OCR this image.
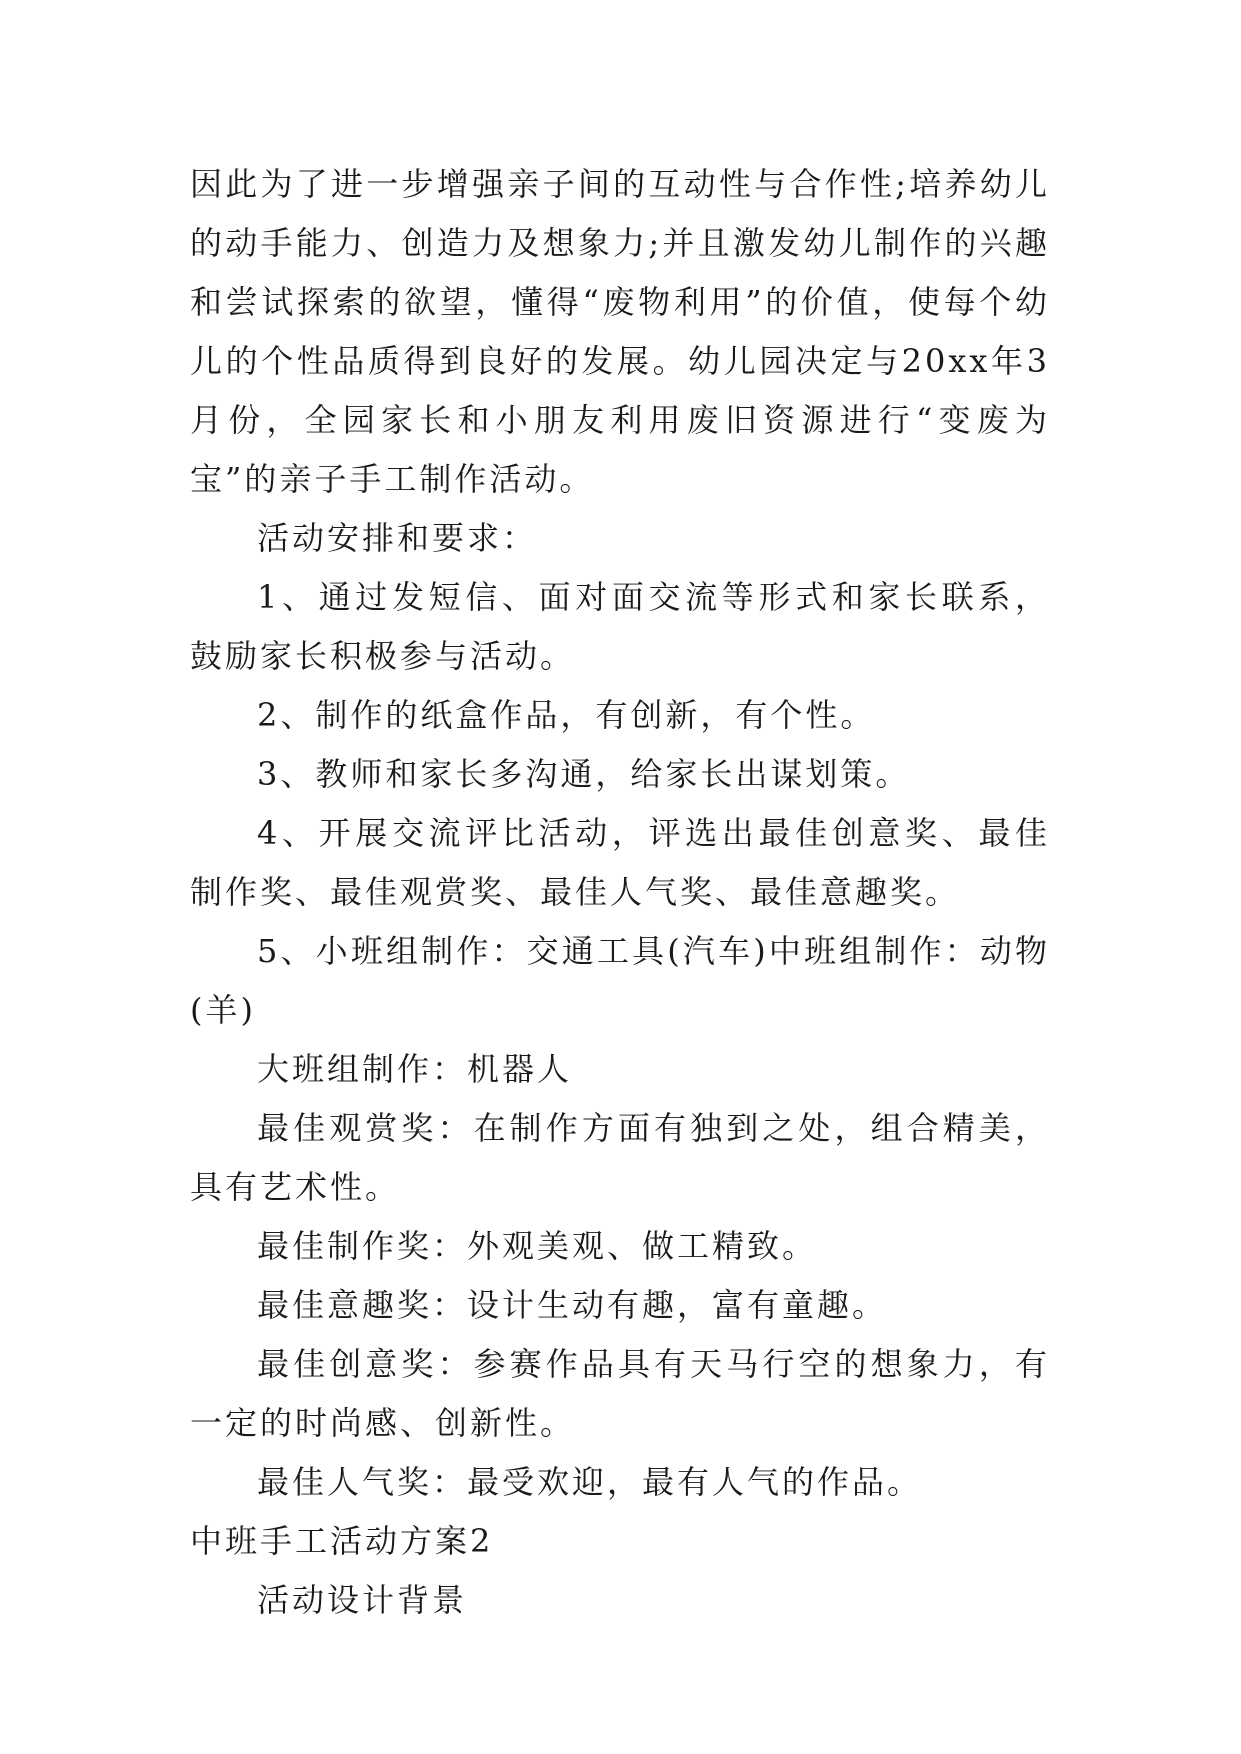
因此为了进一步增强亲子间的互动性与合作性;培养幼儿的动手能力、创造力及想象力;并且激发幼儿制作的兴趣和尝试探索的欲望，懂得“废物利用”的价值，使每个幼儿的个性品质得到良好的发展。幼儿园决定与20xx年3月份，全园家长和小朋友利用废旧资源进行“变废为宝”的亲子手工制作活动。

活动安排和要求：

1、通过发短信、面对面交流等形式和家长联系，鼓励家长积极参与活动。

2、制作的纸盒作品，有创新，有个性。

3、教师和家长多沟通，给家长出谋划策。

4、开展交流评比活动，评选出最佳创意奖、最佳制作奖、最佳观赏奖、最佳人气奖、最佳意趣奖。

5、小班组制作：交通工具(汽车)中班组制作：动物(羊)

大班组制作：机器人

最佳观赏奖：在制作方面有独到之处，组合精美，具有艺术性。

最佳制作奖：外观美观、做工精致。

最佳意趣奖：设计生动有趣，富有童趣。

最佳创意奖：参赛作品具有天马行空的想象力，有一定的时尚感、创新性。

最佳人气奖：最受欢迎，最有人气的作品。

中班手工活动方案2

活动设计背景
